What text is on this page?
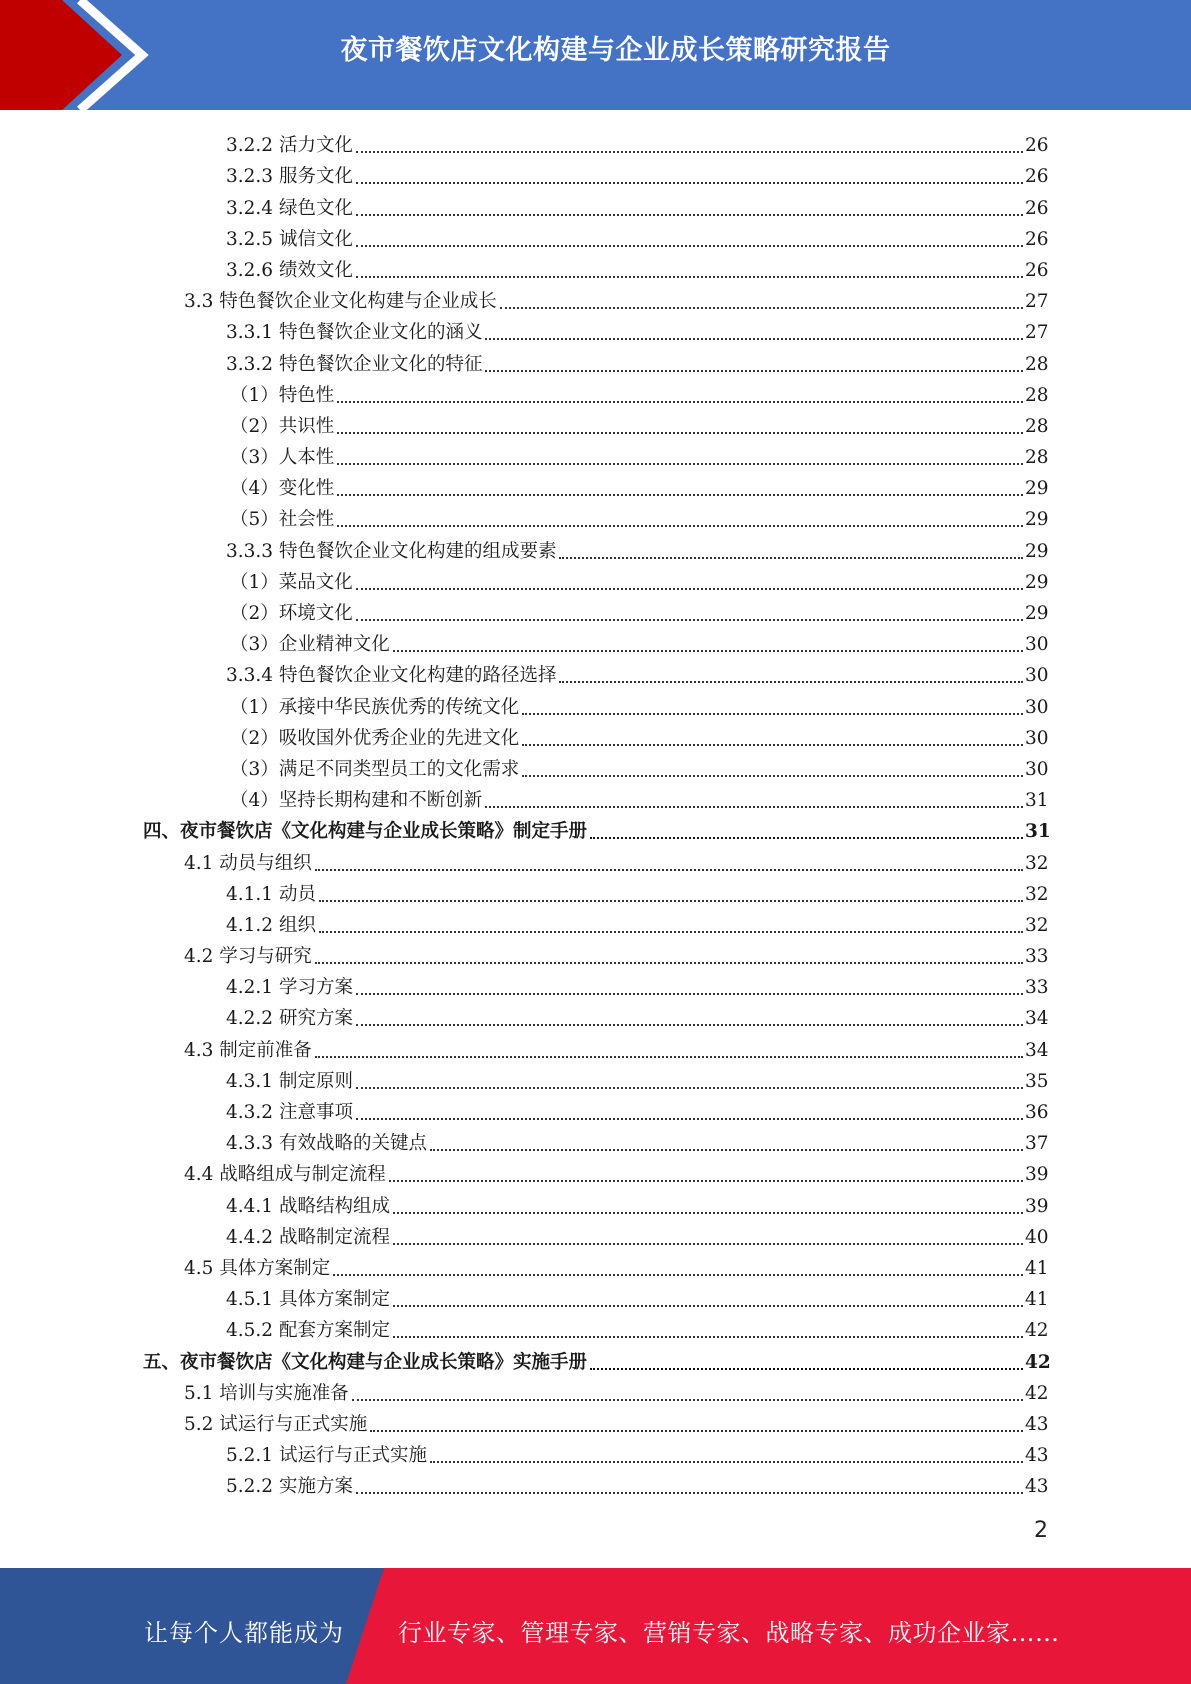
夜市餐饮店文化构建与企业成长策略研究报告
3.2.2 活力文化	26
3.2.3 服务文化	26
3.2.4 绿色文化	26
3.2.5 诚信文化	26
3.2.6 绩效文化	26
3.3 特色餐饮企业文化构建与企业成长	27
3.3.1 特色餐饮企业文化的涵义	27
3.3.2 特色餐饮企业文化的特征	28
（1）特色性	28
（2）共识性	28
（3）人本性	28
（4）变化性	29
（5）社会性	29
3.3.3 特色餐饮企业文化构建的组成要素	29
（1）菜品文化	29
（2）环境文化	29
（3）企业精神文化	30
3.3.4 特色餐饮企业文化构建的路径选择	30
（1）承接中华民族优秀的传统文化	30
（2）吸收国外优秀企业的先进文化	30
（3）满足不同类型员工的文化需求	30
（4）坚持长期构建和不断创新	31
四、夜市餐饮店《文化构建与企业成长策略》制定手册	31
4.1 动员与组织	32
4.1.1 动员	32
4.1.2 组织	32
4.2 学习与研究	33
4.2.1 学习方案	33
4.2.2 研究方案	34
4.3 制定前准备	34
4.3.1 制定原则	35
4.3.2 注意事项	36
4.3.3 有效战略的关键点	37
4.4 战略组成与制定流程	39
4.4.1 战略结构组成	39
4.4.2 战略制定流程	40
4.5 具体方案制定	41
4.5.1 具体方案制定	41
4.5.2 配套方案制定	42
五、夜市餐饮店《文化构建与企业成长策略》实施手册	42
5.1 培训与实施准备	42
5.2 试运行与正式实施	43
5.2.1 试运行与正式实施	43
5.2.2 实施方案	43
2
让每个人都能成为 行业专家、管理专家、营销专家、战略专家、成功企业家……
